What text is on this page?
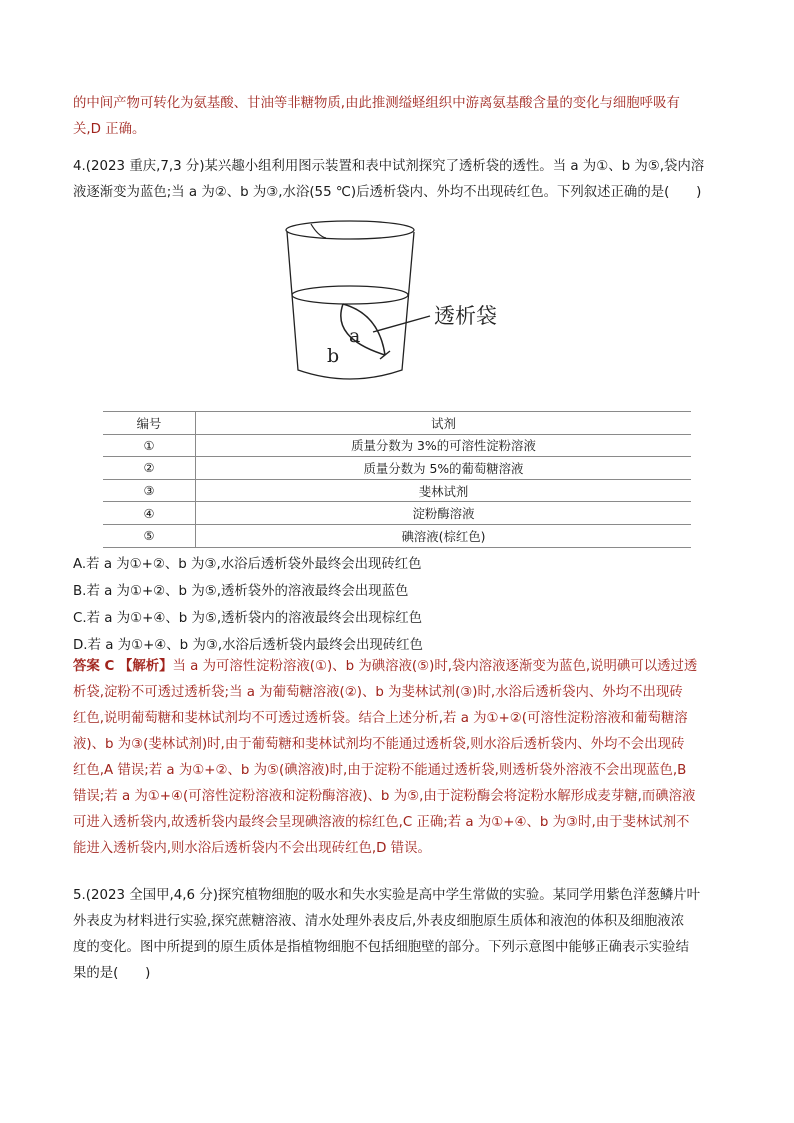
的中间产物可转化为氨基酸、甘油等非糖物质,由此推测缢蛏组织中游离氨基酸含量的变化与细胞呼吸有
关,D 正确。

4.(2023 重庆,7,3 分)某兴趣小组利用图示装置和表中试剂探究了透析袋的透性。当 a 为①、b 为⑤,袋内溶
液逐渐变为蓝色;当 a 为②、b 为③,水浴(55 ℃)后透析袋内、外均不出现砖红色。下列叙述正确的是(　　)

透析袋
a
b
编号	试剂
①	质量分数为 3%的可溶性淀粉溶液
②	质量分数为 5%的葡萄糖溶液
③	斐林试剂
④	淀粉酶溶液
⑤	碘溶液(棕红色)

A.若 a 为①+②、b 为③,水浴后透析袋外最终会出现砖红色

B.若 a 为①+②、b 为⑤,透析袋外的溶液最终会出现蓝色

C.若 a 为①+④、b 为⑤,透析袋内的溶液最终会出现棕红色

D.若 a 为①+④、b 为③,水浴后透析袋内最终会出现砖红色

答案 C 【解析】当 a 为可溶性淀粉溶液(①)、b 为碘溶液(⑤)时,袋内溶液逐渐变为蓝色,说明碘可以透过透
析袋,淀粉不可透过透析袋;当 a 为葡萄糖溶液(②)、b 为斐林试剂(③)时,水浴后透析袋内、外均不出现砖
红色,说明葡萄糖和斐林试剂均不可透过透析袋。结合上述分析,若 a 为①+②(可溶性淀粉溶液和葡萄糖溶
液)、b 为③(斐林试剂)时,由于葡萄糖和斐林试剂均不能通过透析袋,则水浴后透析袋内、外均不会出现砖
红色,A 错误;若 a 为①+②、b 为⑤(碘溶液)时,由于淀粉不能通过透析袋,则透析袋外溶液不会出现蓝色,B
错误;若 a 为①+④(可溶性淀粉溶液和淀粉酶溶液)、b 为⑤,由于淀粉酶会将淀粉水解形成麦芽糖,而碘溶液
可进入透析袋内,故透析袋内最终会呈现碘溶液的棕红色,C 正确;若 a 为①+④、b 为③时,由于斐林试剂不
能进入透析袋内,则水浴后透析袋内不会出现砖红色,D 错误。

5.(2023 全国甲,4,6 分)探究植物细胞的吸水和失水实验是高中学生常做的实验。某同学用紫色洋葱鳞片叶
外表皮为材料进行实验,探究蔗糖溶液、清水处理外表皮后,外表皮细胞原生质体和液泡的体积及细胞液浓
度的变化。图中所提到的原生质体是指植物细胞不包括细胞壁的部分。下列示意图中能够正确表示实验结
果的是(　　)
